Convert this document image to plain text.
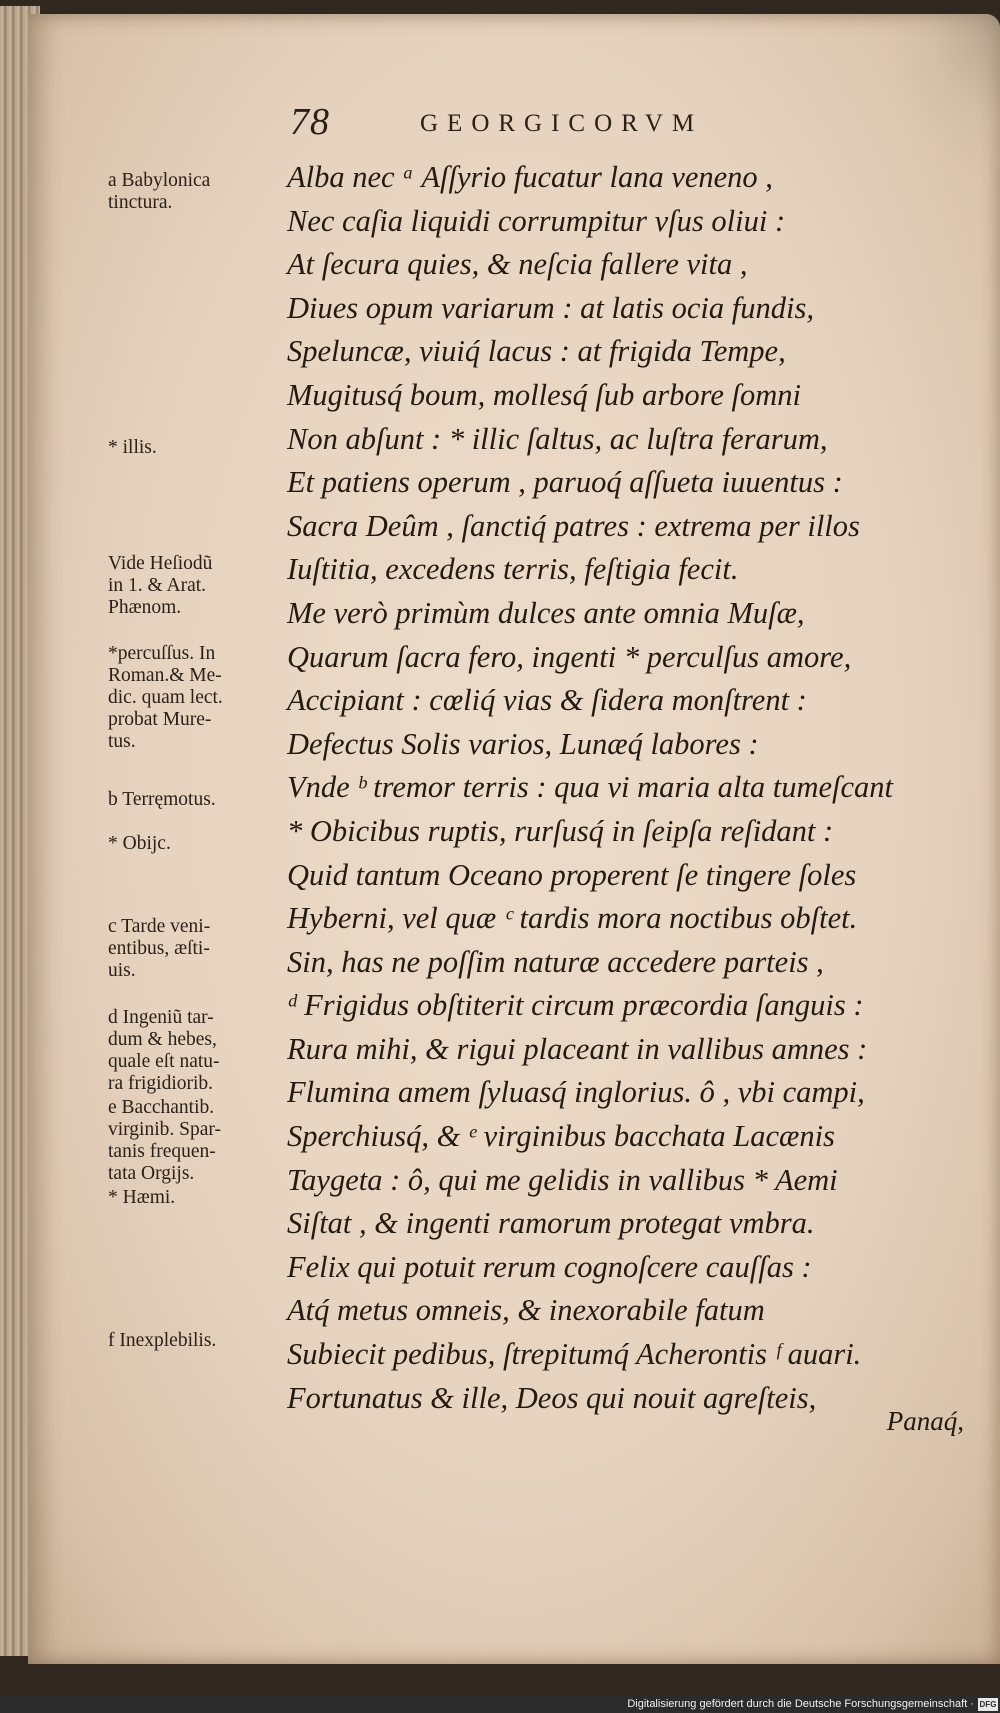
78	GEORGICORVM
Alba nec ᵃ Aſſyrio fucatur lana veneno ,
Nec caſia liquidi corrumpitur vſus oliui :
At ſecura quies, & neſcia fallere vita ,
Diues opum variarum : at latis ocia fundis,
Speluncæ, viuiq́ lacus : at frigida Tempe,
Mugitusq́ boum, mollesq́ ſub arbore ſomni
Non abſunt : * illic ſaltus, ac luſtra ferarum,
Et patiens operum , paruoq́ aſſueta iuuentus :
Sacra Deûm , ſanctiq́ patres : extrema per illos
Iuſtitia, excedens terris, feſtigia fecit.
Me verò primùm dulces ante omnia Muſæ,
Quarum ſacra fero, ingenti * perculſus amore,
Accipiant : cœliq́ vias & ſidera monſtrent :
Defectus Solis varios, Lunæq́ labores :
Vnde ᵇ tremor terris : qua vi maria alta tumeſcant
* Obicibus ruptis, rurſusq́ in ſeipſa reſidant :
Quid tantum Oceano properent ſe tingere ſoles
Hyberni, vel quæ ᶜ tardis mora noctibus obſtet.
Sin, has ne poſſim naturæ accedere parteis ,
ᵈ Frigidus obſtiterit circum præcordia ſanguis :
Rura mihi, & rigui placeant in vallibus amnes :
Flumina amem ſyluasq́ inglorius. ô , vbi campi,
Sperchiusq́, & ᵉ virginibus bacchata Lacænis
Taygeta : ô, qui me gelidis in vallibus * Aemi
Siſtat , & ingenti ramorum protegat vmbra.
Felix qui potuit rerum cognoſcere cauſſas :
Atq́ metus omneis, & inexorabile fatum
Subiecit pedibus, ſtrepitumq́ Acherontis ᶠ auari.
Fortunatus & ille, Deos qui nouit agreſteis,
Panaq́,
a Babylonica
tinctura.
* illis.
Vide Heſiodũ
in 1. & Arat.
Phænom.
*percuſſus. In
Roman.& Me-
dic. quam lect.
probat Mure-
tus.
b Terręmotus.
* Obijc.
c Tarde veni-
entibus, æſti-
uis.
d Ingeniũ tar-
dum & hebes,
quale eſt natu-
ra frigidiorib.
e Bacchantib.
virginib. Spar-
tanis frequen-
tata Orgijs.
* Hæmi.
f Inexplebilis.
Digitalisierung gefördert durch die Deutsche Forschungsgemeinschaft · DFG
